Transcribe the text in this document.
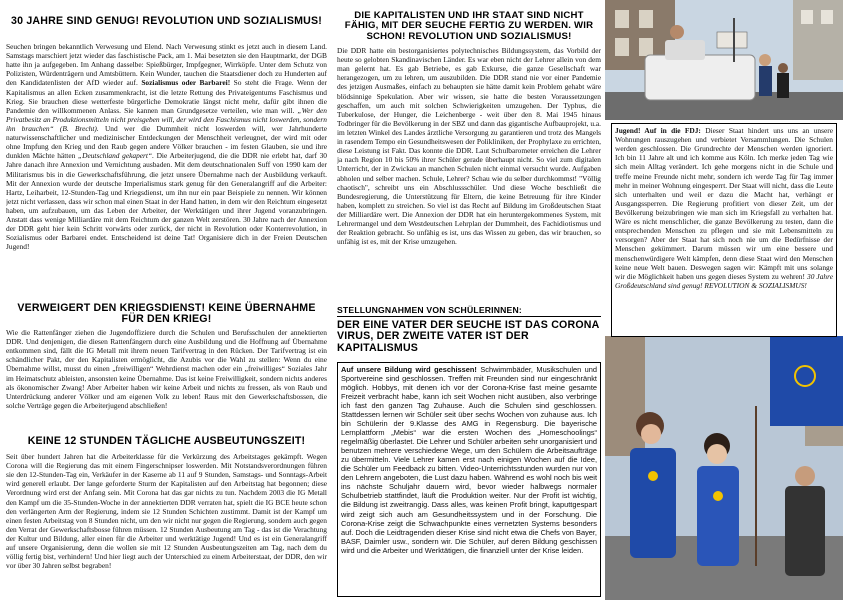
30 JAHRE SIND GENUG! REVOLUTION UND SOZIALISMUS!
Seuchen bringen bekanntlich Verwesung und Elend. Nach Verwesung stinkt es jetzt auch in diesem Land. Samstags marschiert jetzt wieder das faschistische Pack, am 1. Mai besetzten sie den Hauptmarkt, der DGB hatte ihn ja aufgegeben. Im Anhang dasselbe: Spießbürger, Impfgegner, Wirrköpfe. Unter dem Schutz von Polizisten, Würdenträgern und Amtsbüttern. Kein Wunder, tauchen die Staatsdiener doch zu Hunderten auf den Kandidatenlisten der AfD wieder auf. Sozialismus oder Barbarei! So steht die Frage. Wenn der Kapitalismus an allen Ecken zusammenkracht, ist die letzte Rettung des Privateigentums Faschismus und Krieg. Sie brauchen diese wetterfeste bürgerliche Demokratie längst nicht mehr, dafür gibt ihnen die Pandemie den willkommenen Anlass. Sie kannen man Grundgesetze verteilen, wie man will. „Wer den Privatbesitz an Produktionsmitteln nicht preisgeben will, der wird den Faschismus nicht loswerden, sondern ihn brauchen“ (B. Brecht). Und wer die Dummheit nicht loswerden will, wer Jahrhunderte naturwissenschaftlicher und medizinischer Entdeckungen der Menschheit verleugnet, der wird mit oder ohne Impfung den Krieg und den Raub gegen andere Völker brauchen - im festen Glauben, sie und ihre dunklen Mächte hätten „Deutschland gekapert“. Die Arbeiterjugend, die die DDR nie erlebt hat, darf 30 Jahre danach ihre Annexion und Vernichtung ausbaden. Mit dem deutschnationalen Suff von 1990 kam der Militarismus bis in die Gewerkschaftsführung, die jetzt unsere Übernahme nach der Ausbildung verkauft. Mit der Annexion wurde der deutsche Imperialismus stark genug für den Generalangriff auf die Arbeiter: Hartz, Leiharbeit, 12-Stunden-Tag und Kriegsdienst, um ihn nur ein paar Beispiele zu nennen. Wir können jetzt nicht verlassen, dass wir schon mal einen Staat in der Hand hatten, in dem wir den Reichtum eingesetzt haben, um aufzubauen, um das Leben der Arbeiter, der Werktätigen und ihrer Jugend voranzubringen. Anstatt dass wenige Milliardäre mit dem Reichtum der ganzen Welt zerstören. 30 Jahre nach der Annexion der DDR geht hier kein Schritt vorwärts oder zurück, der nicht in Revolution oder Konterrevolution, in Sozialismus oder Barbarei endet. Entscheidend ist deine Tat! Organisiere dich in der Freien Deutschen Jugend!
VERWEIGERT DEN KRIEGSDIENST! KEINE ÜBERNAHME FÜR DEN KRIEG!
Wie die Rattenfänger ziehen die Jugendoffiziere durch die Schulen und Berufsschulen der annektierten DDR. Und denjenigen, die diesen Rattenfängern durch eine Ausbildung und die Hoffnung auf Übernahme entkommen sind, fällt die IG Metall mit ihrem neuen Tarifvertrag in den Rücken. Der Tarifvertrag ist ein schändlicher Pakt, der den Kapitalisten ermöglicht, die Azubis vor die Wahl zu stellen: Wenn du eine Übernahme willst, musst du einen „freiwilligen“ Wehrdienst machen oder ein „freiwilliges“ Soziales Jahr im Heimatschutz ableisten, ansonsten keine Übernahme. Das ist keine Freiwilligkeit, sondern nichts anderes als ökonomischer Zwang! Aber Arbeiter haben wir keine Arbeit und nichts zu fressen, als von Raub und Unterdrückung anderer Völker und am eigenen Volk zu leben! Raus mit den Gewerkschaftsbossen, die solche Verträge gegen die Arbeiterjugend abschließen!
KEINE 12 STUNDEN TÄGLICHE AUSBEUTUNGSZEIT!
Seit über hundert Jahren hat die Arbeiterklasse für die Verkürzung des Arbeitstages gekämpft. Wegen Corona will die Regierung das mit einem Fingerschnipser loswerden. Mit Notstandsverordnungen führen sie den 12-Stunden-Tag ein, Verkäufer in der Kaserne ab 11 auf 9 Stunden, Samstags- und Sonntags-Arbeit wird generell erlaubt. Der lange geforderte Sturm der Kapitalisten auf den Arbeitstag hat begonnen; diese Verordnung wird erst der Anfang sein. Mit Corona hat das gar nichts zu tun. Nachdem 2003 die IG Metall den Kampf um die 35-Stunden-Woche in der annektierten DDR verraten hat, spielt die IG BCE heute schon den verlängerten Arm der Regierung, indem sie 12 Stunden Schichten zustimmt. Damit ist der Kampf um einen festen Arbeitstag von 8 Stunden nicht, um den wir nicht nur gegen die Regierung, sondern auch gegen den Verrat der Gewerkschaftsbosse führen müssen. 12 Stunden Ausbeutung am Tag - das ist die Verachtung der Kultur und Bildung, aller einen für die Arbeiter und werktätige Jugend! Und es ist ein Generalangriff auf unsere Organisierung, denn die wollen sie mit 12 Stunden Ausbeutungszeiten am Tag, nach dem du völlig fertig bist, verhindern! Und hier liegt auch der Unterschied zu einem Arbeiterstaat, der DDR, den wir vor über 30 Jahren selbst begraben!
DIE KAPITALISTEN UND IHR STAAT SIND NICHT FÄHIG, MIT DER SEUCHE FERTIG ZU WERDEN. WIR SCHON! REVOLUTION UND SOZIALISMUS!
Die DDR hatte ein bestorganisiertes polytechnisches Bildungssystem, das Vorbild der heute so gelobten Skandinavischen Länder. Es war eben nicht der Lehrer allein von dem man gelernt hat. Es gab Betriebe, es gab Exkurse, die ganze Gesellschaft war herangezogen, um zu lehren, um auszubilden. Die DDR stand nie vor einer Pandemie des jetzigen Ausmaßes, einfach zu behaupten sie hätte damit kein Problem gehabt wäre blödsinnige Spekulation. Aber wir wissen, sie hatte die besten Voraussetzungen geschaffen, um auch mit solchen Schwierigkeiten umzugehen. Der Typhus, die Tuberkulose, der Hunger, die Leichenberge - weit über den 8. Mai 1945 hinaus Todbringer für die Bevölkerung in der SBZ und dann das gigantische Aufbauprojekt, u.a. im letzten Winkel des Landes ärztliche Versorgung zu garantieren und trotz des Mangels in rasendem Tempo ein Gesundheitswesen der Polikliniken, der Prophylaxe zu errichten, diese Leistung ist Fakt. Das konnte die DDR. Laut Schulbarometer erreichen die Lehrer ja nach Region 10 bis 50% ihrer Schüler gerade überhaupt nicht. So viel zum digitalen Unterricht, der in Zwickau an manchen Schulen nicht einmal versucht wurde. Aufgaben abholen und selber machen. Schule, Lehrer? Schau wie du selber durchkommst! "Völlig chaotisch", schreibt uns ein Abschlussschüler. Und diese Woche beschließt die Bundesregierung, die Unterstützung für Eltern, die keine Betreuung für ihre Kinder haben, komplett zu streichen. So viel ist das Recht auf Bildung im Großdeutschen Staat der Milliardäre wert. Die Annexion der DDR hat ein heruntergekommenes System, mit Lehrermangel und dem Westdeutschen Lehrplan der Dummheit, des Fachidiotismus und der Reaktion gebracht. So unfähig es ist, uns das Wissen zu geben, das wir brauchen, so unfähig ist es, mit der Krise umzugehen.
STELLUNGNAHMEN VON SCHÜLERINNEN:
DER EINE VATER DER SEUCHE IST DAS CORONA VIRUS, DER ZWEITE VATER IST DER KAPITALISMUS
Auf unsere Bildung wird geschissen! Schwimmbäder, Musikschulen und Sportvereine sind geschlossen. Treffen mit Freunden sind nur eingeschränkt möglich. Hobbys, mit denen ich vor der Corona-Krise fast meine gesamte Freizeit verbracht habe, kann ich seit Wochen nicht ausüben, also verbringe ich fast den ganzen Tag Zuhause. Auch die Schulen sind geschlossen. Stattdessen lernen wir Schüler seit über sechs Wochen von zuhause aus. Ich bin Schülerin der 9.Klasse des AMG in Regensburg. Die bayerische Lernplattform „Mebis“ war die ersten Wochen des „Homeschoolings“ regelmäßig überlastet. Die Lehrer und Schüler arbeiten sehr unorganisiert und benutzen mehrere verschiedene Wege, um den Schülern die Arbeitsaufträge zu übermitteln. Viele Lehrer kamen erst nach einigen Wochen auf die Idee, die Schüler um Feedback zu bitten. Video-Unterrichtsstunden wurden nur von den Lehrern angeboten, die Lust dazu haben. Während es wohl noch bis weit ins nächste Schuljahr dauern wird, bevor wieder halbwegs normaler Schulbetrieb stattfindet, läuft die Produktion weiter. Nur der Profit ist wichtig, die Bildung ist zweitrangig. Dass alles, was keinen Profit bringt, kaputtgespart wird zeigt sich auch am Gesundheitssystem und in der Forschung. Die Corona-Krise zeigt die Schwachpunkte eines vernetzten Systems besonders auf. Doch die Leidtragenden dieser Krise sind nicht etwa die Chefs von Bayer, BASF, Daimler usw., sondern wir. Die Schüler, auf deren Bildung geschissen wird und die Arbeiter und Werktätigen, die finanziell unter der Krise leiden.
Jugend! Auf in die FDJ: Dieser Staat hindert uns uns an unsere Wohnungen rauszugehen und verbietet Versammlungen. Die Schulen werden geschlossen. Die Grundrechte der Menschen werden ignoriert. Ich bin 11 Jahre alt und ich komme aus Köln. Ich merke jeden Tag wie sich mein Alltag verändert. Ich gehe morgens nicht in die Schule und treffe meine Freunde nicht mehr, sondern ich werde Tag für Tag immer mehr in meiner Wohnung eingesperrt. Der Staat will nicht, dass die Leute sich unterhalten und weil er dazu die Macht hat, verhängt er Ausgangssperren. Die Regierung profitiert von dieser Zeit, um der Bevölkerung beizubringen wie man sich im Kriegsfall zu verhalten hat. Wäre es nicht menschlicher, die ganze Bevölkerung zu testen, dann die entsprechenden Menschen zu pflegen und sie mit Lebensmitteln zu versorgen? Aber der Staat hat sich noch nie um die Bedürfnisse der Menschen gekümmert. Darum müssen wir um eine bessere und menschenwürdigere Welt kämpfen, denn diese Staat wird den Menschen keine neue Welt bauen. Deswegen sagen wir: Kämpft mit uns solange wir die Möglichkeit haben uns gegen dieses System zu wehren! 30 Jahre Großdeutschland sind genug! REVOLUTION & SOZIALISMUS!
